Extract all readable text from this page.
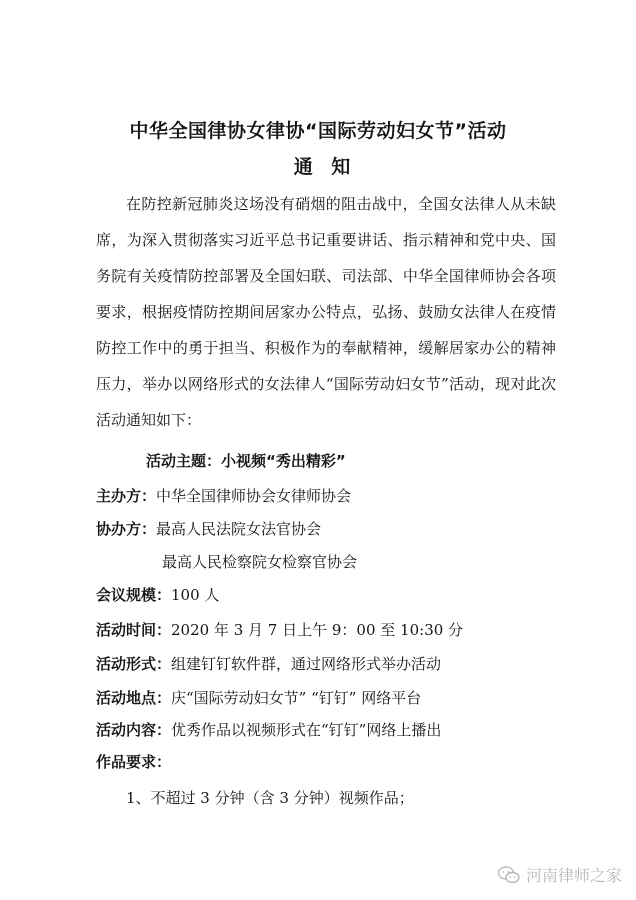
中华全国律协女律协“国际劳动妇女节”活动
通 知
在防控新冠肺炎这场没有硝烟的阻击战中，全国女法律人从未缺席，为深入贯彻落实习近平总书记重要讲话、指示精神和党中央、国务院有关疫情防控部署及全国妇联、司法部、中华全国律师协会各项要求，根据疫情防控期间居家办公特点，弘扬、鼓励女法律人在疫情防控工作中的勇于担当、积极作为的奉献精神，缓解居家办公的精神压力，举办以网络形式的女法律人“国际劳动妇女节”活动，现对此次活动通知如下：
活动主题：小视频“秀出精彩”
主办方：中华全国律师协会女律师协会
协办方：最高人民法院女法官协会
最高人民检察院女检察官协会
会议规模：100 人
活动时间：2020 年 3 月 7 日上午 9：00 至 10:30 分
活动形式：组建钉钉软件群，通过网络形式举办活动
活动地点：庆“国际劳动妇女节” “钉钉” 网络平台
活动内容：优秀作品以视频形式在“钉钉”网络上播出
作品要求：
1、不超过 3 分钟（含 3 分钟）视频作品；
河南律师之家
